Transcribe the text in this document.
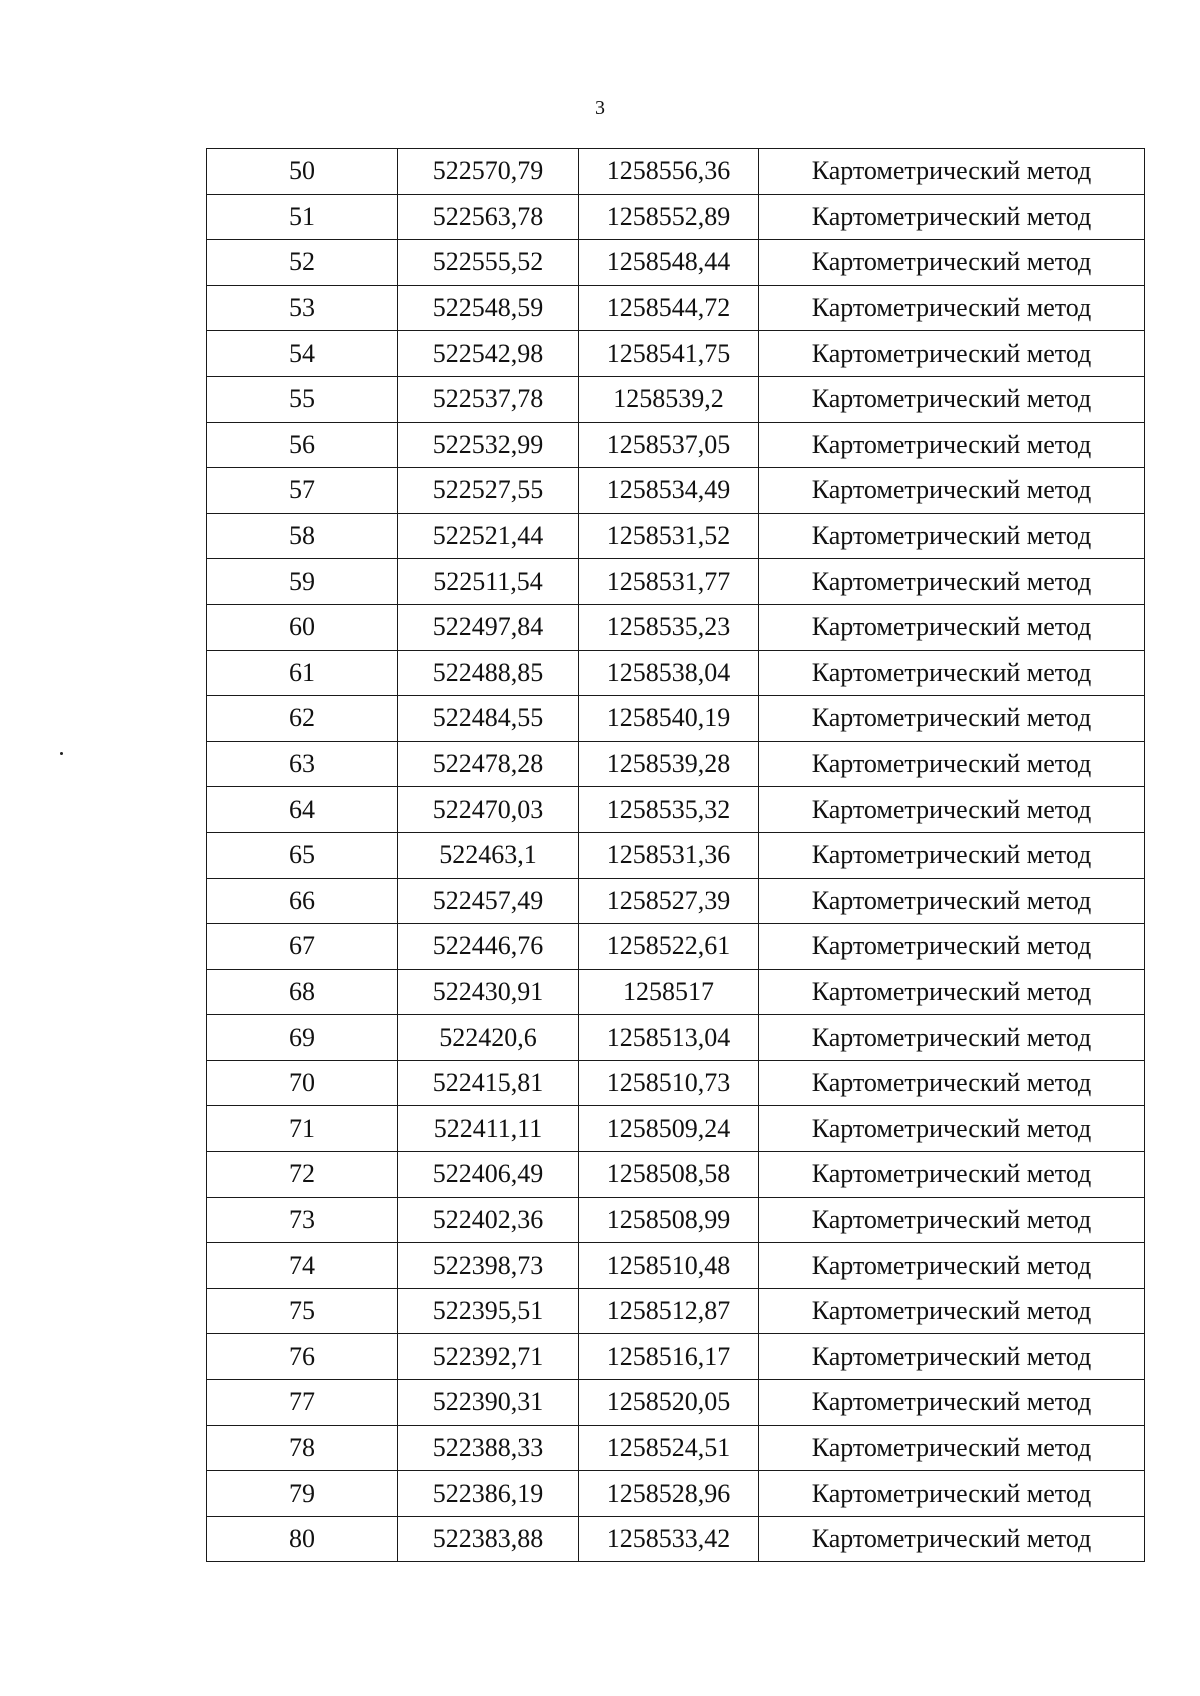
3
50	522570,79	1258556,36	Картометрический метод
51	522563,78	1258552,89	Картометрический метод
52	522555,52	1258548,44	Картометрический метод
53	522548,59	1258544,72	Картометрический метод
54	522542,98	1258541,75	Картометрический метод
55	522537,78	1258539,2	Картометрический метод
56	522532,99	1258537,05	Картометрический метод
57	522527,55	1258534,49	Картометрический метод
58	522521,44	1258531,52	Картометрический метод
59	522511,54	1258531,77	Картометрический метод
60	522497,84	1258535,23	Картометрический метод
61	522488,85	1258538,04	Картометрический метод
62	522484,55	1258540,19	Картометрический метод
63	522478,28	1258539,28	Картометрический метод
64	522470,03	1258535,32	Картометрический метод
65	522463,1	1258531,36	Картометрический метод
66	522457,49	1258527,39	Картометрический метод
67	522446,76	1258522,61	Картометрический метод
68	522430,91	1258517	Картометрический метод
69	522420,6	1258513,04	Картометрический метод
70	522415,81	1258510,73	Картометрический метод
71	522411,11	1258509,24	Картометрический метод
72	522406,49	1258508,58	Картометрический метод
73	522402,36	1258508,99	Картометрический метод
74	522398,73	1258510,48	Картометрический метод
75	522395,51	1258512,87	Картометрический метод
76	522392,71	1258516,17	Картометрический метод
77	522390,31	1258520,05	Картометрический метод
78	522388,33	1258524,51	Картометрический метод
79	522386,19	1258528,96	Картометрический метод
80	522383,88	1258533,42	Картометрический метод
